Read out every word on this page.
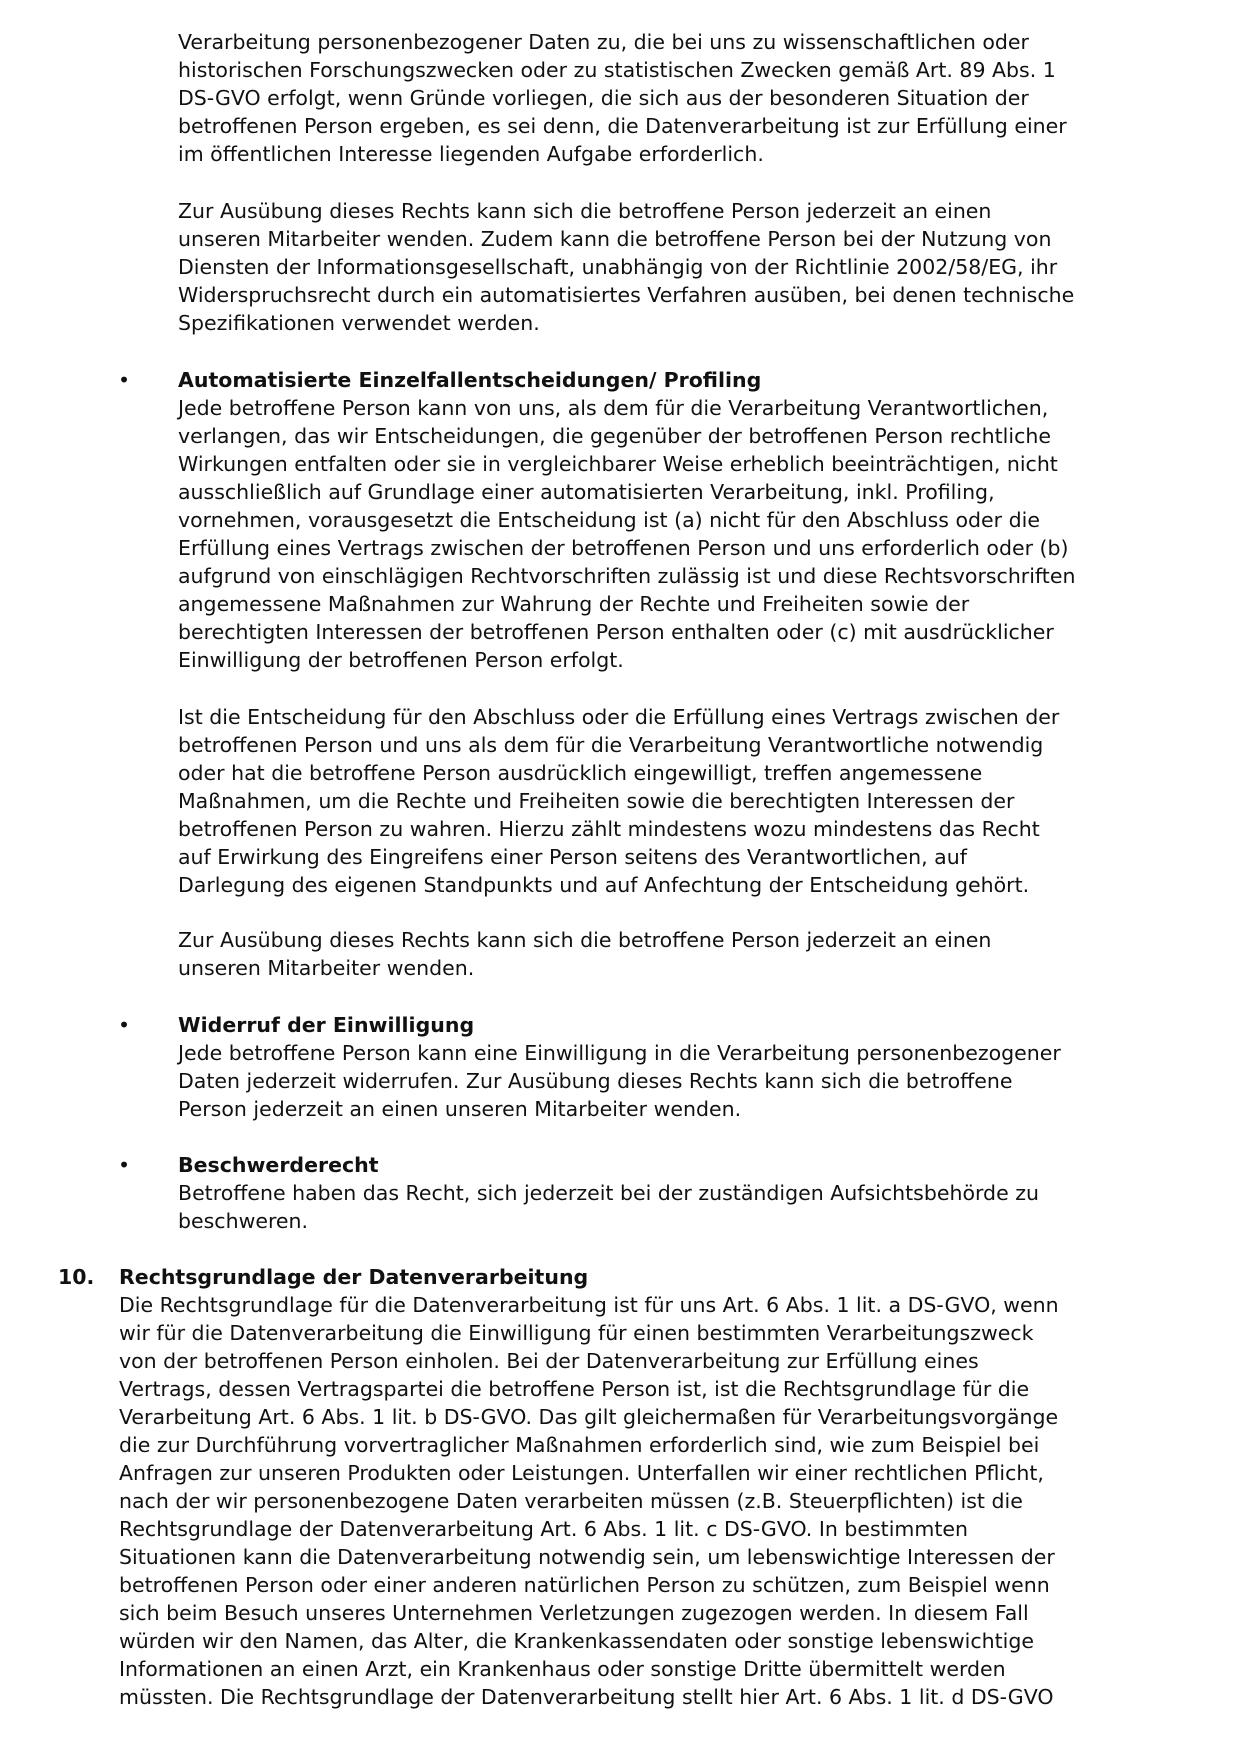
Verarbeitung personenbezogener Daten zu, die bei uns zu wissenschaftlichen oder
historischen Forschungszwecken oder zu statistischen Zwecken gemäß Art. 89 Abs. 1
DS-GVO erfolgt, wenn Gründe vorliegen, die sich aus der besonderen Situation der
betroffenen Person ergeben, es sei denn, die Datenverarbeitung ist zur Erfüllung einer
im öffentlichen Interesse liegenden Aufgabe erforderlich.

Zur Ausübung dieses Rechts kann sich die betroffene Person jederzeit an einen
unseren Mitarbeiter wenden. Zudem kann die betroffene Person bei der Nutzung von
Diensten der Informationsgesellschaft, unabhängig von der Richtlinie 2002/58/EG, ihr
Widerspruchsrecht durch ein automatisiertes Verfahren ausüben, bei denen technische
Spezifikationen verwendet werden.

• Automatisierte Einzelfallentscheidungen/ Profiling

Jede betroffene Person kann von uns, als dem für die Verarbeitung Verantwortlichen,
verlangen, das wir Entscheidungen, die gegenüber der betroffenen Person rechtliche
Wirkungen entfalten oder sie in vergleichbarer Weise erheblich beeinträchtigen, nicht
ausschließlich auf Grundlage einer automatisierten Verarbeitung, inkl. Profiling,
vornehmen, vorausgesetzt die Entscheidung ist (a) nicht für den Abschluss oder die
Erfüllung eines Vertrags zwischen der betroffenen Person und uns erforderlich oder (b)
aufgrund von einschlägigen Rechtvorschriften zulässig ist und diese Rechtsvorschriften
angemessene Maßnahmen zur Wahrung der Rechte und Freiheiten sowie der
berechtigten Interessen der betroffenen Person enthalten oder (c) mit ausdrücklicher
Einwilligung der betroffenen Person erfolgt.

Ist die Entscheidung für den Abschluss oder die Erfüllung eines Vertrags zwischen der
betroffenen Person und uns als dem für die Verarbeitung Verantwortliche notwendig
oder hat die betroffene Person ausdrücklich eingewilligt, treffen angemessene
Maßnahmen, um die Rechte und Freiheiten sowie die berechtigten Interessen der
betroffenen Person zu wahren. Hierzu zählt mindestens wozu mindestens das Recht
auf Erwirkung des Eingreifens einer Person seitens des Verantwortlichen, auf
Darlegung des eigenen Standpunkts und auf Anfechtung der Entscheidung gehört.

Zur Ausübung dieses Rechts kann sich die betroffene Person jederzeit an einen
unseren Mitarbeiter wenden.

• Widerruf der Einwilligung

Jede betroffene Person kann eine Einwilligung in die Verarbeitung personenbezogener
Daten jederzeit widerrufen. Zur Ausübung dieses Rechts kann sich die betroffene
Person jederzeit an einen unseren Mitarbeiter wenden.

• Beschwerderecht

Betroffene haben das Recht, sich jederzeit bei der zuständigen Aufsichtsbehörde zu
beschweren.

10. Rechtsgrundlage der Datenverarbeitung

Die Rechtsgrundlage für die Datenverarbeitung ist für uns Art. 6 Abs. 1 lit. a DS-GVO, wenn
wir für die Datenverarbeitung die Einwilligung für einen bestimmten Verarbeitungszweck
von der betroffenen Person einholen. Bei der Datenverarbeitung zur Erfüllung eines
Vertrags, dessen Vertragspartei die betroffene Person ist, ist die Rechtsgrundlage für die
Verarbeitung Art. 6 Abs. 1 lit. b DS-GVO. Das gilt gleichermaßen für Verarbeitungsvorgänge
die zur Durchführung vorvertraglicher Maßnahmen erforderlich sind, wie zum Beispiel bei
Anfragen zur unseren Produkten oder Leistungen. Unterfallen wir einer rechtlichen Pflicht,
nach der wir personenbezogene Daten verarbeiten müssen (z.B. Steuerpflichten) ist die
Rechtsgrundlage der Datenverarbeitung Art. 6 Abs. 1 lit. c DS-GVO. In bestimmten
Situationen kann die Datenverarbeitung notwendig sein, um lebenswichtige Interessen der
betroffenen Person oder einer anderen natürlichen Person zu schützen, zum Beispiel wenn
sich beim Besuch unseres Unternehmen Verletzungen zugezogen werden. In diesem Fall
würden wir den Namen, das Alter, die Krankenkassendaten oder sonstige lebenswichtige
Informationen an einen Arzt, ein Krankenhaus oder sonstige Dritte übermittelt werden
müssten. Die Rechtsgrundlage der Datenverarbeitung stellt hier Art. 6 Abs. 1 lit. d DS-GVO
